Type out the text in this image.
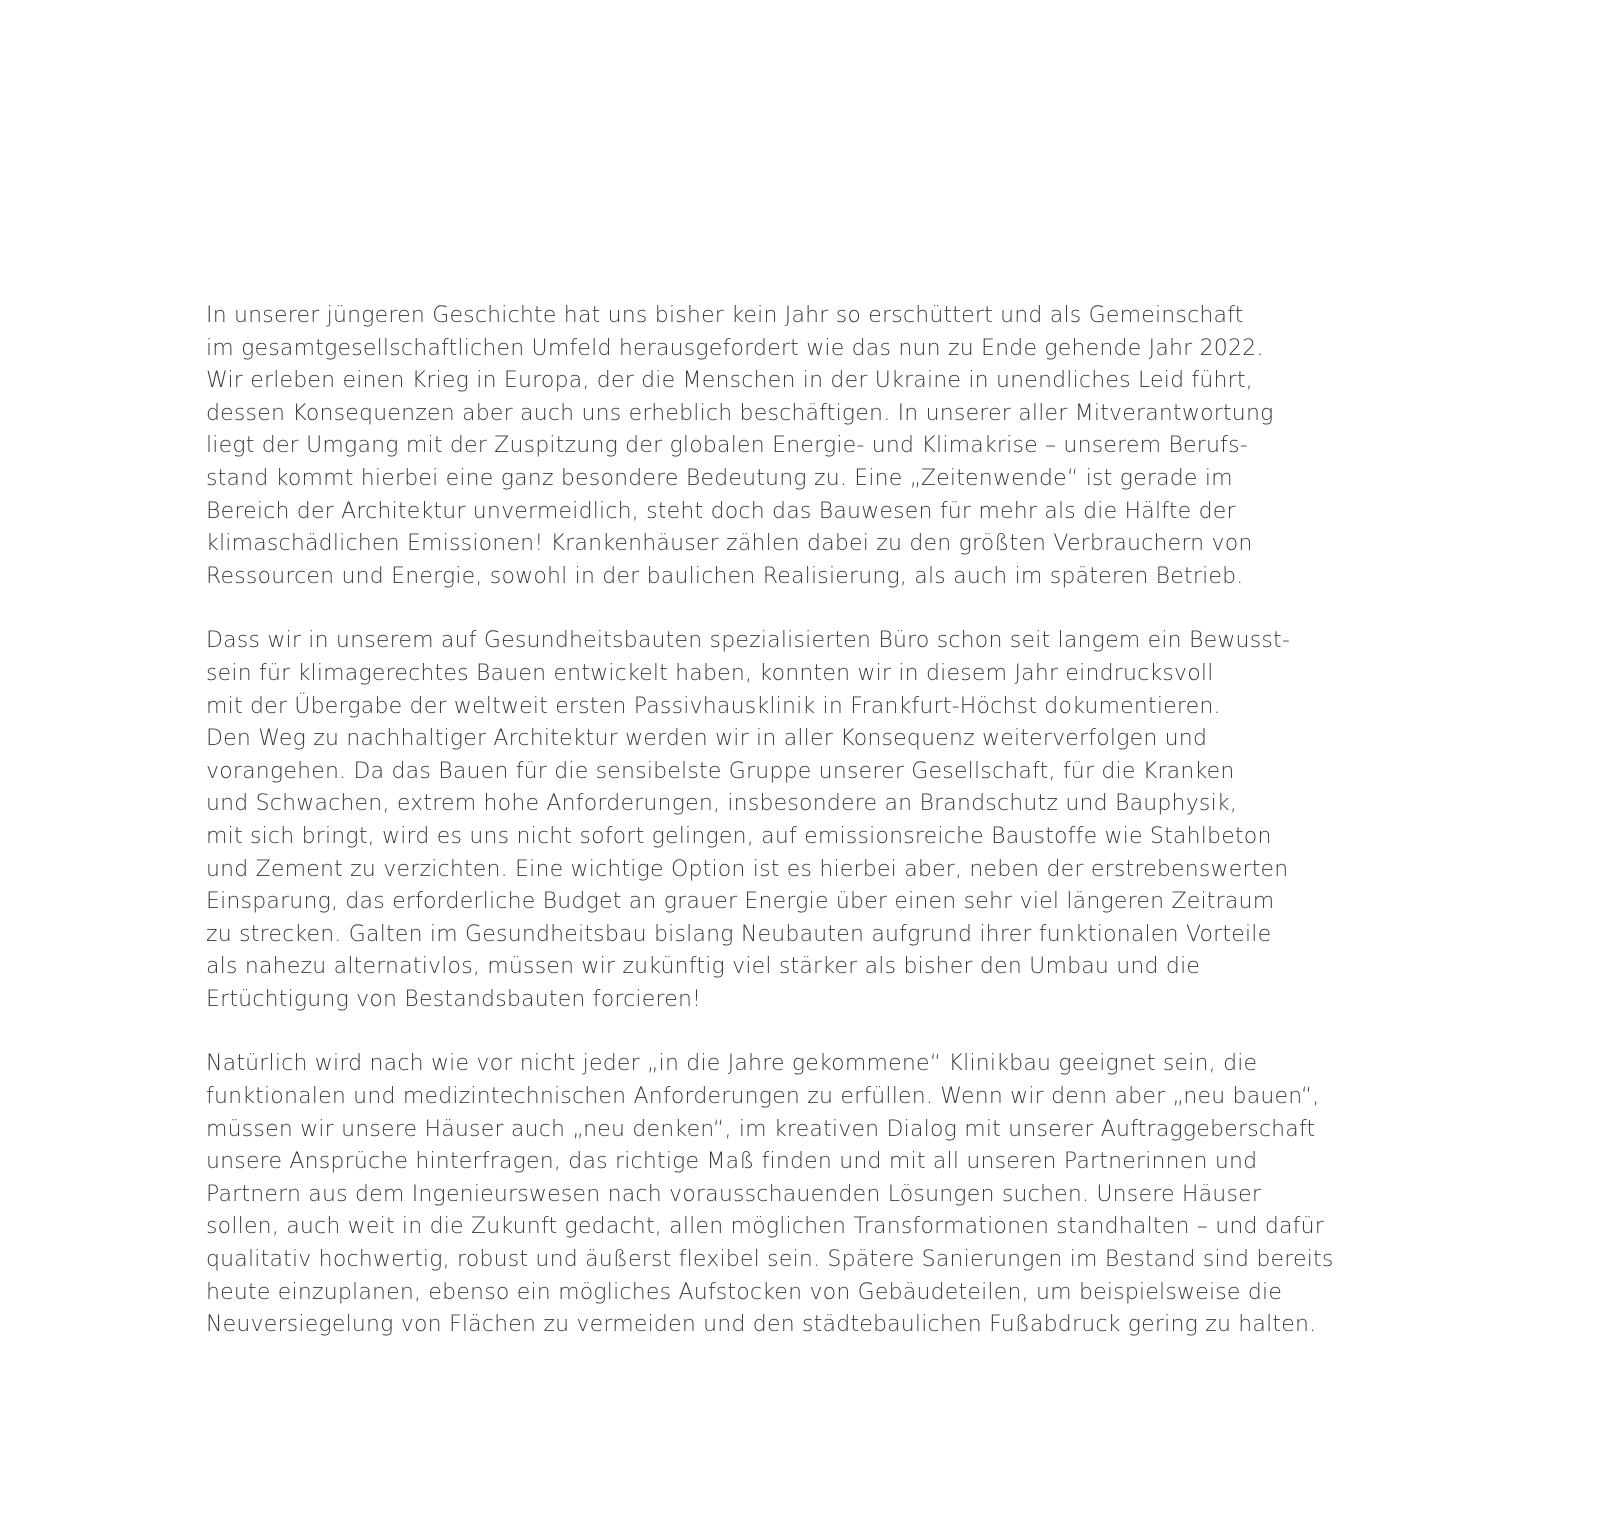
In unserer jüngeren Geschichte hat uns bisher kein Jahr so erschüttert und als Gemeinschaft
im gesamtgesellschaftlichen Umfeld herausgefordert wie das nun zu Ende gehende Jahr 2022.
Wir erleben einen Krieg in Europa, der die Menschen in der Ukraine in unendliches Leid führt,
dessen Konsequenzen aber auch uns erheblich beschäftigen. In unserer aller Mitverantwortung
liegt der Umgang mit der Zuspitzung der globalen Energie- und Klimakrise – unserem Berufs-
stand kommt hierbei eine ganz besondere Bedeutung zu. Eine „Zeitenwende“ ist gerade im
Bereich der Architektur unvermeidlich, steht doch das Bauwesen für mehr als die Hälfte der
klimaschädlichen Emissionen! Krankenhäuser zählen dabei zu den größten Verbrauchern von
Ressourcen und Energie, sowohl in der baulichen Realisierung, als auch im späteren Betrieb.
Dass wir in unserem auf Gesundheitsbauten spezialisierten Büro schon seit langem ein Bewusst-
sein für klimagerechtes Bauen entwickelt haben, konnten wir in diesem Jahr eindrucksvoll
mit der Übergabe der weltweit ersten Passivhausklinik in Frankfurt-Höchst dokumentieren.
Den Weg zu nachhaltiger Architektur werden wir in aller Konsequenz weiterverfolgen und
vorangehen. Da das Bauen für die sensibelste Gruppe unserer Gesellschaft, für die Kranken
und Schwachen, extrem hohe Anforderungen, insbesondere an Brandschutz und Bauphysik,
mit sich bringt, wird es uns nicht sofort gelingen, auf emissionsreiche Baustoffe wie Stahlbeton
und Zement zu verzichten. Eine wichtige Option ist es hierbei aber, neben der erstrebenswerten
Einsparung, das erforderliche Budget an grauer Energie über einen sehr viel längeren Zeitraum
zu strecken. Galten im Gesundheitsbau bislang Neubauten aufgrund ihrer funktionalen Vorteile
als nahezu alternativlos, müssen wir zukünftig viel stärker als bisher den Umbau und die
Ertüchtigung von Bestandsbauten forcieren!
Natürlich wird nach wie vor nicht jeder „in die Jahre gekommene“ Klinikbau geeignet sein, die
funktionalen und medizintechnischen Anforderungen zu erfüllen. Wenn wir denn aber „neu bauen“,
müssen wir unsere Häuser auch „neu denken“, im kreativen Dialog mit unserer Auftraggeberschaft
unsere Ansprüche hinterfragen, das richtige Maß finden und mit all unseren Partnerinnen und
Partnern aus dem Ingenieurswesen nach vorausschauenden Lösungen suchen. Unsere Häuser
sollen, auch weit in die Zukunft gedacht, allen möglichen Transformationen standhalten – und dafür
qualitativ hochwertig, robust und äußerst flexibel sein. Spätere Sanierungen im Bestand sind bereits
heute einzuplanen, ebenso ein mögliches Aufstocken von Gebäudeteilen, um beispielsweise die
Neuversiegelung von Flächen zu vermeiden und den städtebaulichen Fußabdruck gering zu halten.
